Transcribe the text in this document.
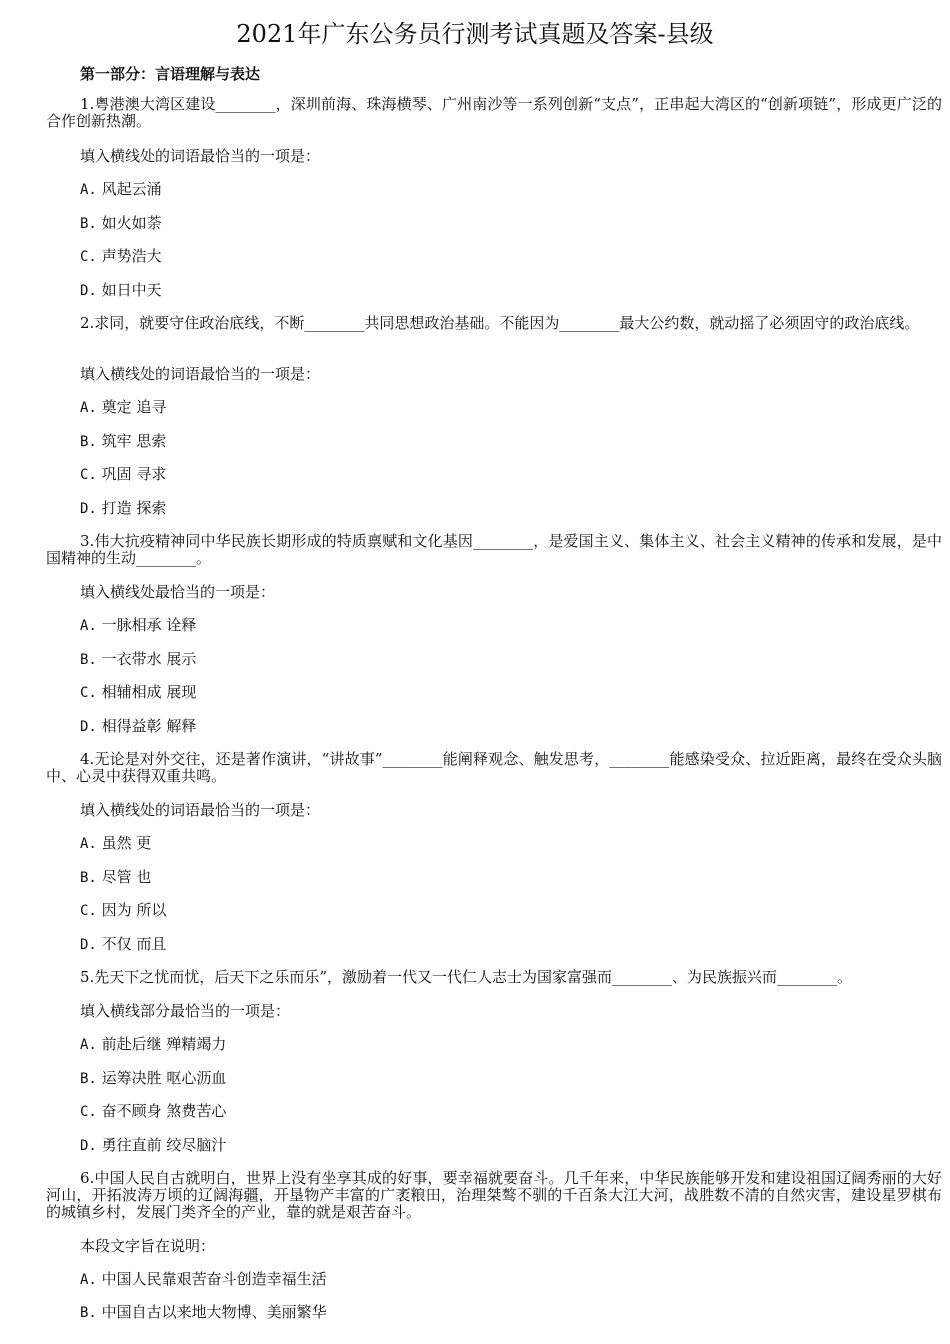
2021年广东公务员行测考试真题及答案-县级
第一部分：言语理解与表达
1.粤港澳大湾区建设________，深圳前海、珠海横琴、广州南沙等一系列创新“支点”，正串起大湾区的“创新项链”，形成更广泛的合作创新热潮。
填入横线处的词语最恰当的一项是：
A. 风起云涌
B. 如火如荼
C. 声势浩大
D. 如日中天
2.求同，就要守住政治底线，不断________共同思想政治基础。不能因为________最大公约数，就动摇了必须固守的政治底线。
填入横线处的词语最恰当的一项是：
A. 奠定 追寻
B. 筑牢 思索
C. 巩固 寻求
D. 打造 探索
3.伟大抗疫精神同中华民族长期形成的特质禀赋和文化基因________，是爱国主义、集体主义、社会主义精神的传承和发展，是中国精神的生动________。
填入横线处最恰当的一项是：
A. 一脉相承 诠释
B. 一衣带水 展示
C. 相辅相成 展现
D. 相得益彰 解释
4.无论是对外交往，还是著作演讲，“讲故事”________能阐释观念、触发思考，________能感染受众、拉近距离，最终在受众头脑中、心灵中获得双重共鸣。
填入横线处的词语最恰当的一项是：
A. 虽然 更
B. 尽管 也
C. 因为 所以
D. 不仅 而且
5.先天下之忧而忧，后天下之乐而乐”，激励着一代又一代仁人志士为国家富强而________、为民族振兴而________。
填入横线部分最恰当的一项是：
A. 前赴后继 殚精竭力
B. 运筹决胜 呕心沥血
C. 奋不顾身 煞费苦心
D. 勇往直前 绞尽脑汁
6.中国人民自古就明白，世界上没有坐享其成的好事，要幸福就要奋斗。几千年来，中华民族能够开发和建设祖国辽阔秀丽的大好河山，开拓波涛万顷的辽阔海疆，开垦物产丰富的广袤粮田，治理桀骜不驯的千百条大江大河，战胜数不清的自然灾害，建设星罗棋布的城镇乡村，发展门类齐全的产业，靠的就是艰苦奋斗。
本段文字旨在说明：
A. 中国人民靠艰苦奋斗创造幸福生活
B. 中国自古以来地大物博、美丽繁华
